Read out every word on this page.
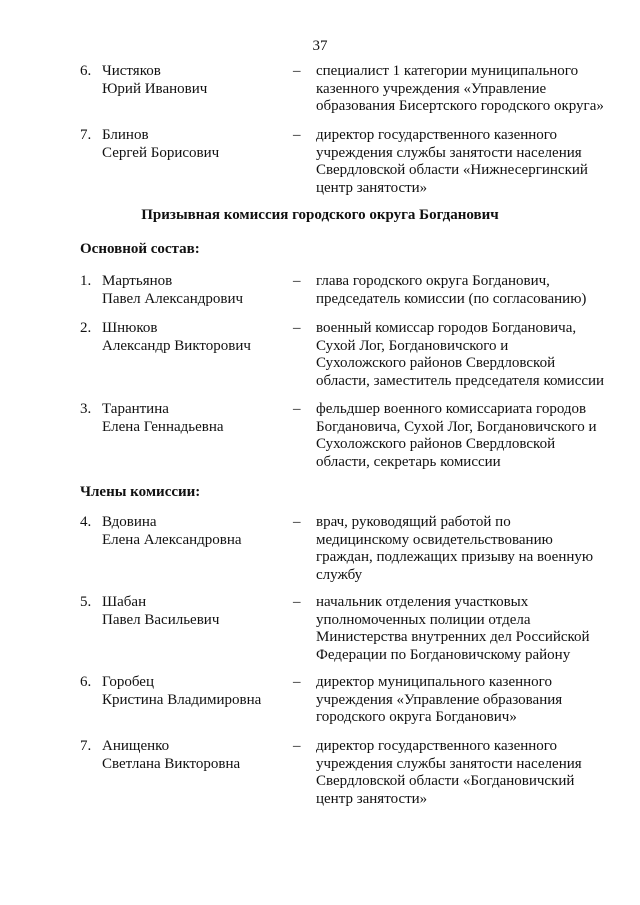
37
6. Чистяков
Юрий Иванович
– специалист 1 категории муниципального
казенного учреждения «Управление
образования Бисертского городского округа»
7. Блинов
Сергей Борисович
– директор государственного казенного
учреждения службы занятости населения
Свердловской области «Нижнесергинский
центр занятости»
Призывная комиссия городского округа Богданович
Основной состав:
1. Мартьянов
Павел Александрович
– глава городского округа Богданович,
председатель комиссии (по согласованию)
2. Шнюков
Александр Викторович
– военный комиссар городов Богдановича,
Сухой Лог, Богдановичского и
Сухоложского районов Свердловской
области, заместитель председателя комиссии
3. Тарантина
Елена Геннадьевна
– фельдшер военного комиссариата городов
Богдановича, Сухой Лог, Богдановичского и
Сухоложского районов Свердловской
области, секретарь комиссии
Члены комиссии:
4. Вдовина
Елена Александровна
– врач, руководящий работой по
медицинскому освидетельствованию
граждан, подлежащих призыву на военную
службу
5. Шабан
Павел Васильевич
– начальник отделения участковых
уполномоченных полиции отдела
Министерства внутренних дел Российской
Федерации по Богдановичскому району
6. Горобец
Кристина Владимировна
– директор муниципального казенного
учреждения «Управление образования
городского округа Богданович»
7. Анищенко
Светлана Викторовна
– директор государственного казенного
учреждения службы занятости населения
Свердловской области «Богдановичский
центр занятости»
